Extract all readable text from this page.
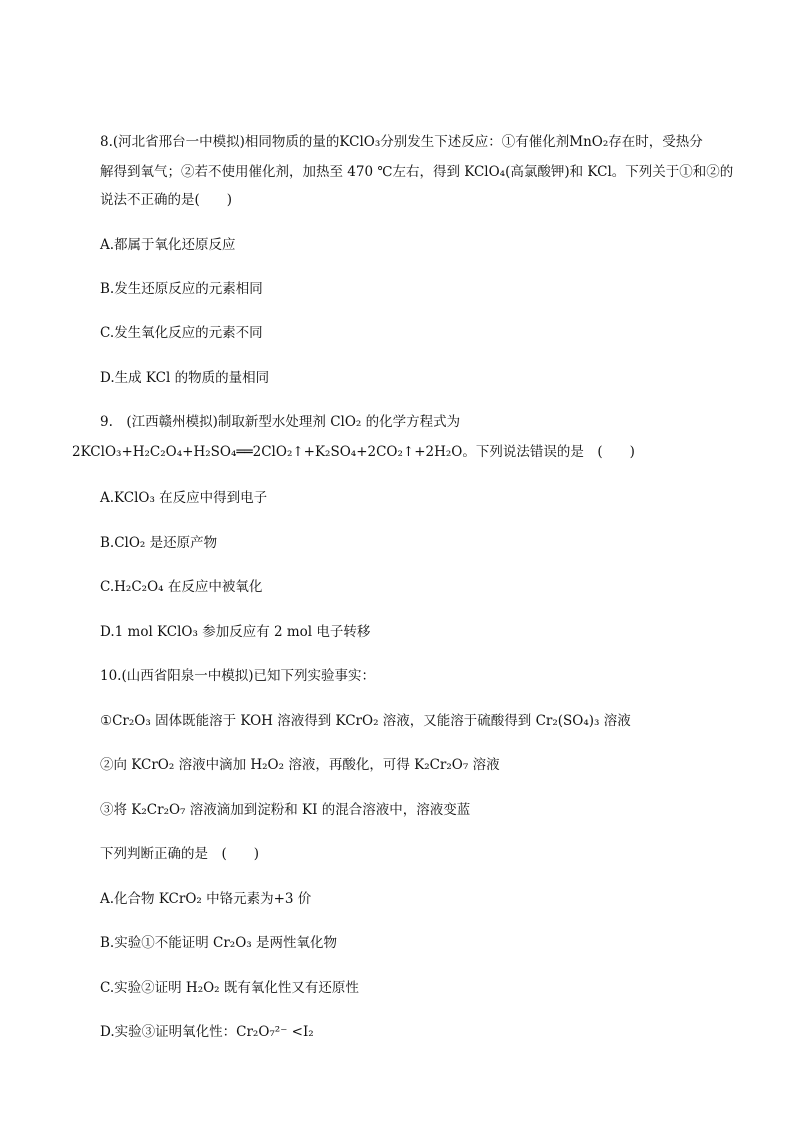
8.(河北省邢台一中模拟)相同物质的量的KClO₃分别发生下述反应：①有催化剂MnO₂存在时，受热分
解得到氧气；②若不使用催化剂，加热至 470 ℃左右，得到 KClO₄(高氯酸钾)和 KCl。下列关于①和②的
说法不正确的是(　　)
A.都属于氧化还原反应
B.发生还原反应的元素相同
C.发生氧化反应的元素不同
D.生成 KCl 的物质的量相同
9.　(江西赣州模拟)制取新型水处理剂 ClO₂ 的化学方程式为
2KClO₃+H₂C₂O₄+H₂SO₄══2ClO₂↑+K₂SO₄+2CO₂↑+2H₂O。下列说法错误的是　(　　)
A.KClO₃ 在反应中得到电子
B.ClO₂ 是还原产物
C.H₂C₂O₄ 在反应中被氧化
D.1 mol KClO₃ 参加反应有 2 mol 电子转移
10.(山西省阳泉一中模拟)已知下列实验事实：
①Cr₂O₃ 固体既能溶于 KOH 溶液得到 KCrO₂ 溶液，又能溶于硫酸得到 Cr₂(SO₄)₃ 溶液
②向 KCrO₂ 溶液中滴加 H₂O₂ 溶液，再酸化，可得 K₂Cr₂O₇ 溶液
③将 K₂Cr₂O₇ 溶液滴加到淀粉和 KI 的混合溶液中，溶液变蓝
下列判断正确的是　(　　)
A.化合物 KCrO₂ 中铬元素为+3 价
B.实验①不能证明 Cr₂O₃ 是两性氧化物
C.实验②证明 H₂O₂ 既有氧化性又有还原性
D.实验③证明氧化性：Cr₂O₇²⁻ <I₂
